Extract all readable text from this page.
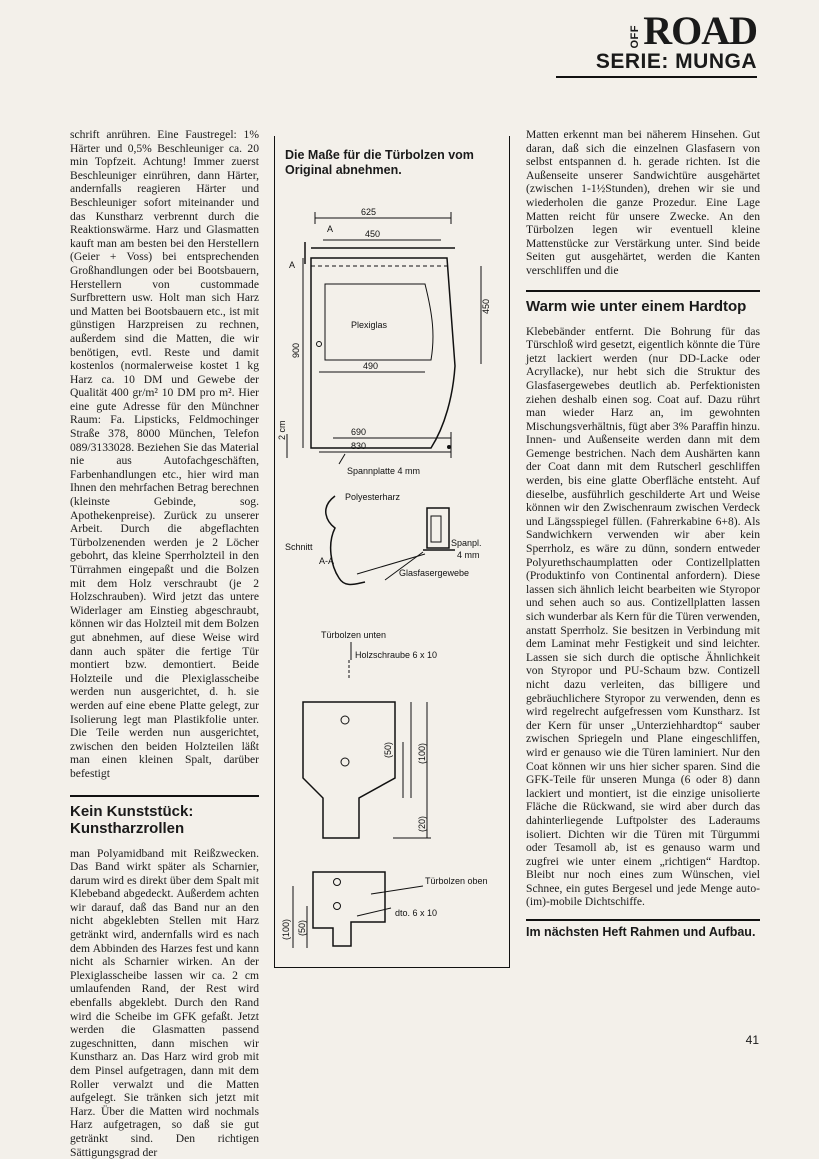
OFF ROAD
SERIE: MUNGA

schrift anrühren. Eine Faustregel: 1% Härter und 0,5% Beschleuniger ca. 20 min Topfzeit. Achtung! Immer zuerst Beschleuniger einrühren, dann Härter, andernfalls reagieren Härter und Beschleuniger sofort miteinander und das Kunstharz verbrennt durch die Reaktionswärme. Harz und Glasmatten kauft man am besten bei den Herstellern (Geier + Voss) bei entsprechenden Großhandlungen oder bei Bootsbauern, Herstellern von custommade Surfbrettern usw. Holt man sich Harz und Matten bei Bootsbauern etc., ist mit günstigen Harzpreisen zu rechnen, außerdem sind die Matten, die wir benötigen, evtl. Reste und damit kostenlos (normalerweise kostet 1 kg Harz ca. 10 DM und Gewebe der Qualität 400 gr/m² 10 DM pro m². Hier eine gute Adresse für den Münchner Raum: Fa. Lipsticks, Feldmochinger Straße 378, 8000 München, Telefon 089/3133028. Beziehen Sie das Material nie aus Autofachgeschäften, Farbenhandlungen etc., hier wird man Ihnen den mehrfachen Betrag berechnen (kleinste Gebinde, sog. Apothekenpreise). Zurück zu unserer Arbeit. Durch die abgeflachten Türbolzenenden werden je 2 Löcher gebohrt, das kleine Sperrholzteil in den Türrahmen eingepaßt und die Bolzen mit dem Holz verschraubt (je 2 Holzschrauben). Wird jetzt das untere Widerlager am Einstieg abgeschraubt, können wir das Holzteil mit dem Bolzen gut abnehmen, auf diese Weise wird dann auch später die fertige Tür montiert bzw. demontiert. Beide Holzteile und die Plexiglasscheibe werden nun ausgerichtet, d. h. sie werden auf eine ebene Platte gelegt, zur Isolierung legt man Plastikfolie unter. Die Teile werden nun ausgerichtet, zwischen den beiden Holzteilen läßt man einen kleinen Spalt, darüber befestigt

Kein Kunststück: Kunstharzrollen

man Polyamidband mit Reißzwecken. Das Band wirkt später als Scharnier, darum wird es direkt über dem Spalt mit Klebeband abgedeckt. Außerdem achten wir darauf, daß das Band nur an den nicht abgeklebten Stellen mit Harz getränkt wird, andernfalls wird es nach dem Abbinden des Harzes fest und kann nicht als Scharnier wirken. An der Plexiglasscheibe lassen wir ca. 2 cm umlaufenden Rand, der Rest wird ebenfalls abgeklebt. Durch den Rand wird die Scheibe im GFK gefaßt. Jetzt werden die Glasmatten passend zugeschnitten, dann mischen wir Kunstharz an. Das Harz wird grob mit dem Pinsel aufgetragen, dann mit dem Roller verwalzt und die Matten aufgelegt. Sie tränken sich jetzt mit Harz. Über die Matten wird nochmals Harz aufgetragen, so daß sie gut getränkt sind. Den richtigen Sättigungsgrad der

Die Maße für die Türbolzen vom Original abnehmen.
625
450
A
A
Plexiglas
490
450
900
2 cm	690
830
Spannplatte 4 mm
Polyesterharz
Schnitt
A-A
Spanpl.
4 mm
Glasfasergewebe
Türbolzen unten
Holzschraube 6 x 10
(50)	(100)
(20)
Türbolzen oben
dto. 6 x 10
(100) (50)

Matten erkennt man bei näherem Hinsehen. Gut daran, daß sich die einzelnen Glasfasern von selbst entspannen d. h. gerade richten. Ist die Außenseite unserer Sandwichtüre ausgehärtet (zwischen 1-1½Stunden), drehen wir sie und wiederholen die ganze Prozedur. Eine Lage Matten reicht für unsere Zwecke. An den Türbolzen legen wir eventuell kleine Mattenstücke zur Verstärkung unter. Sind beide Seiten gut ausgehärtet, werden die Kanten verschliffen und die

Warm wie unter einem Hardtop

Klebebänder entfernt. Die Bohrung für das Türschloß wird gesetzt, eigentlich könnte die Türe jetzt lackiert werden (nur DD-Lacke oder Acryllacke), nur hebt sich die Struktur des Glasfasergewebes deutlich ab. Perfektionisten ziehen deshalb einen sog. Coat auf. Dazu rührt man wieder Harz an, im gewohnten Mischungsverhältnis, fügt aber 3% Paraffin hinzu. Innen- und Außenseite werden dann mit dem Gemenge bestrichen. Nach dem Aushärten kann der Coat dann mit dem Rutscherl geschliffen werden, bis eine glatte Oberfläche entsteht. Auf dieselbe, ausführlich geschilderte Art und Weise können wir den Zwischenraum zwischen Verdeck und Längsspiegel füllen. (Fahrerkabine 6+8). Als Sandwichkern verwenden wir aber kein Sperrholz, es wäre zu dünn, sondern entweder Polyurethschaumplatten oder Contizellplatten (Produktinfo von Continental anfordern). Diese lassen sich ähnlich leicht bearbeiten wie Styropor und sehen auch so aus. Contizellplatten lassen sich wunderbar als Kern für die Türen verwenden, anstatt Sperrholz. Sie besitzen in Verbindung mit dem Laminat mehr Festigkeit und sind leichter. Lassen sie sich durch die optische Ähnlichkeit von Styropor und PU-Schaum bzw. Contizell nicht dazu verleiten, das billigere und gebräuchlichere Styropor zu verwenden, denn es wird regelrecht aufgefressen vom Kunstharz. Ist der Kern für unser „Unterziehhardtop“ sauber zwischen Spriegeln und Plane eingeschliffen, wird er genauso wie die Türen laminiert. Nur den Coat können wir uns hier sicher sparen. Sind die GFK-Teile für unseren Munga (6 oder 8) dann lackiert und montiert, ist die einzige unisolierte Fläche die Rückwand, sie wird aber durch das dahinterliegende Luftpolster des Laderaums isoliert. Dichten wir die Türen mit Türgummi oder Tesamoll ab, ist es genauso warm und zugfrei wie unter einem „richtigen“ Hardtop. Bleibt nur noch eines zum Wünschen, viel Schnee, ein gutes Bergesel und jede Menge auto-(im)-mobile Dichtschiffe.

Im nächsten Heft Rahmen und Aufbau.
41
